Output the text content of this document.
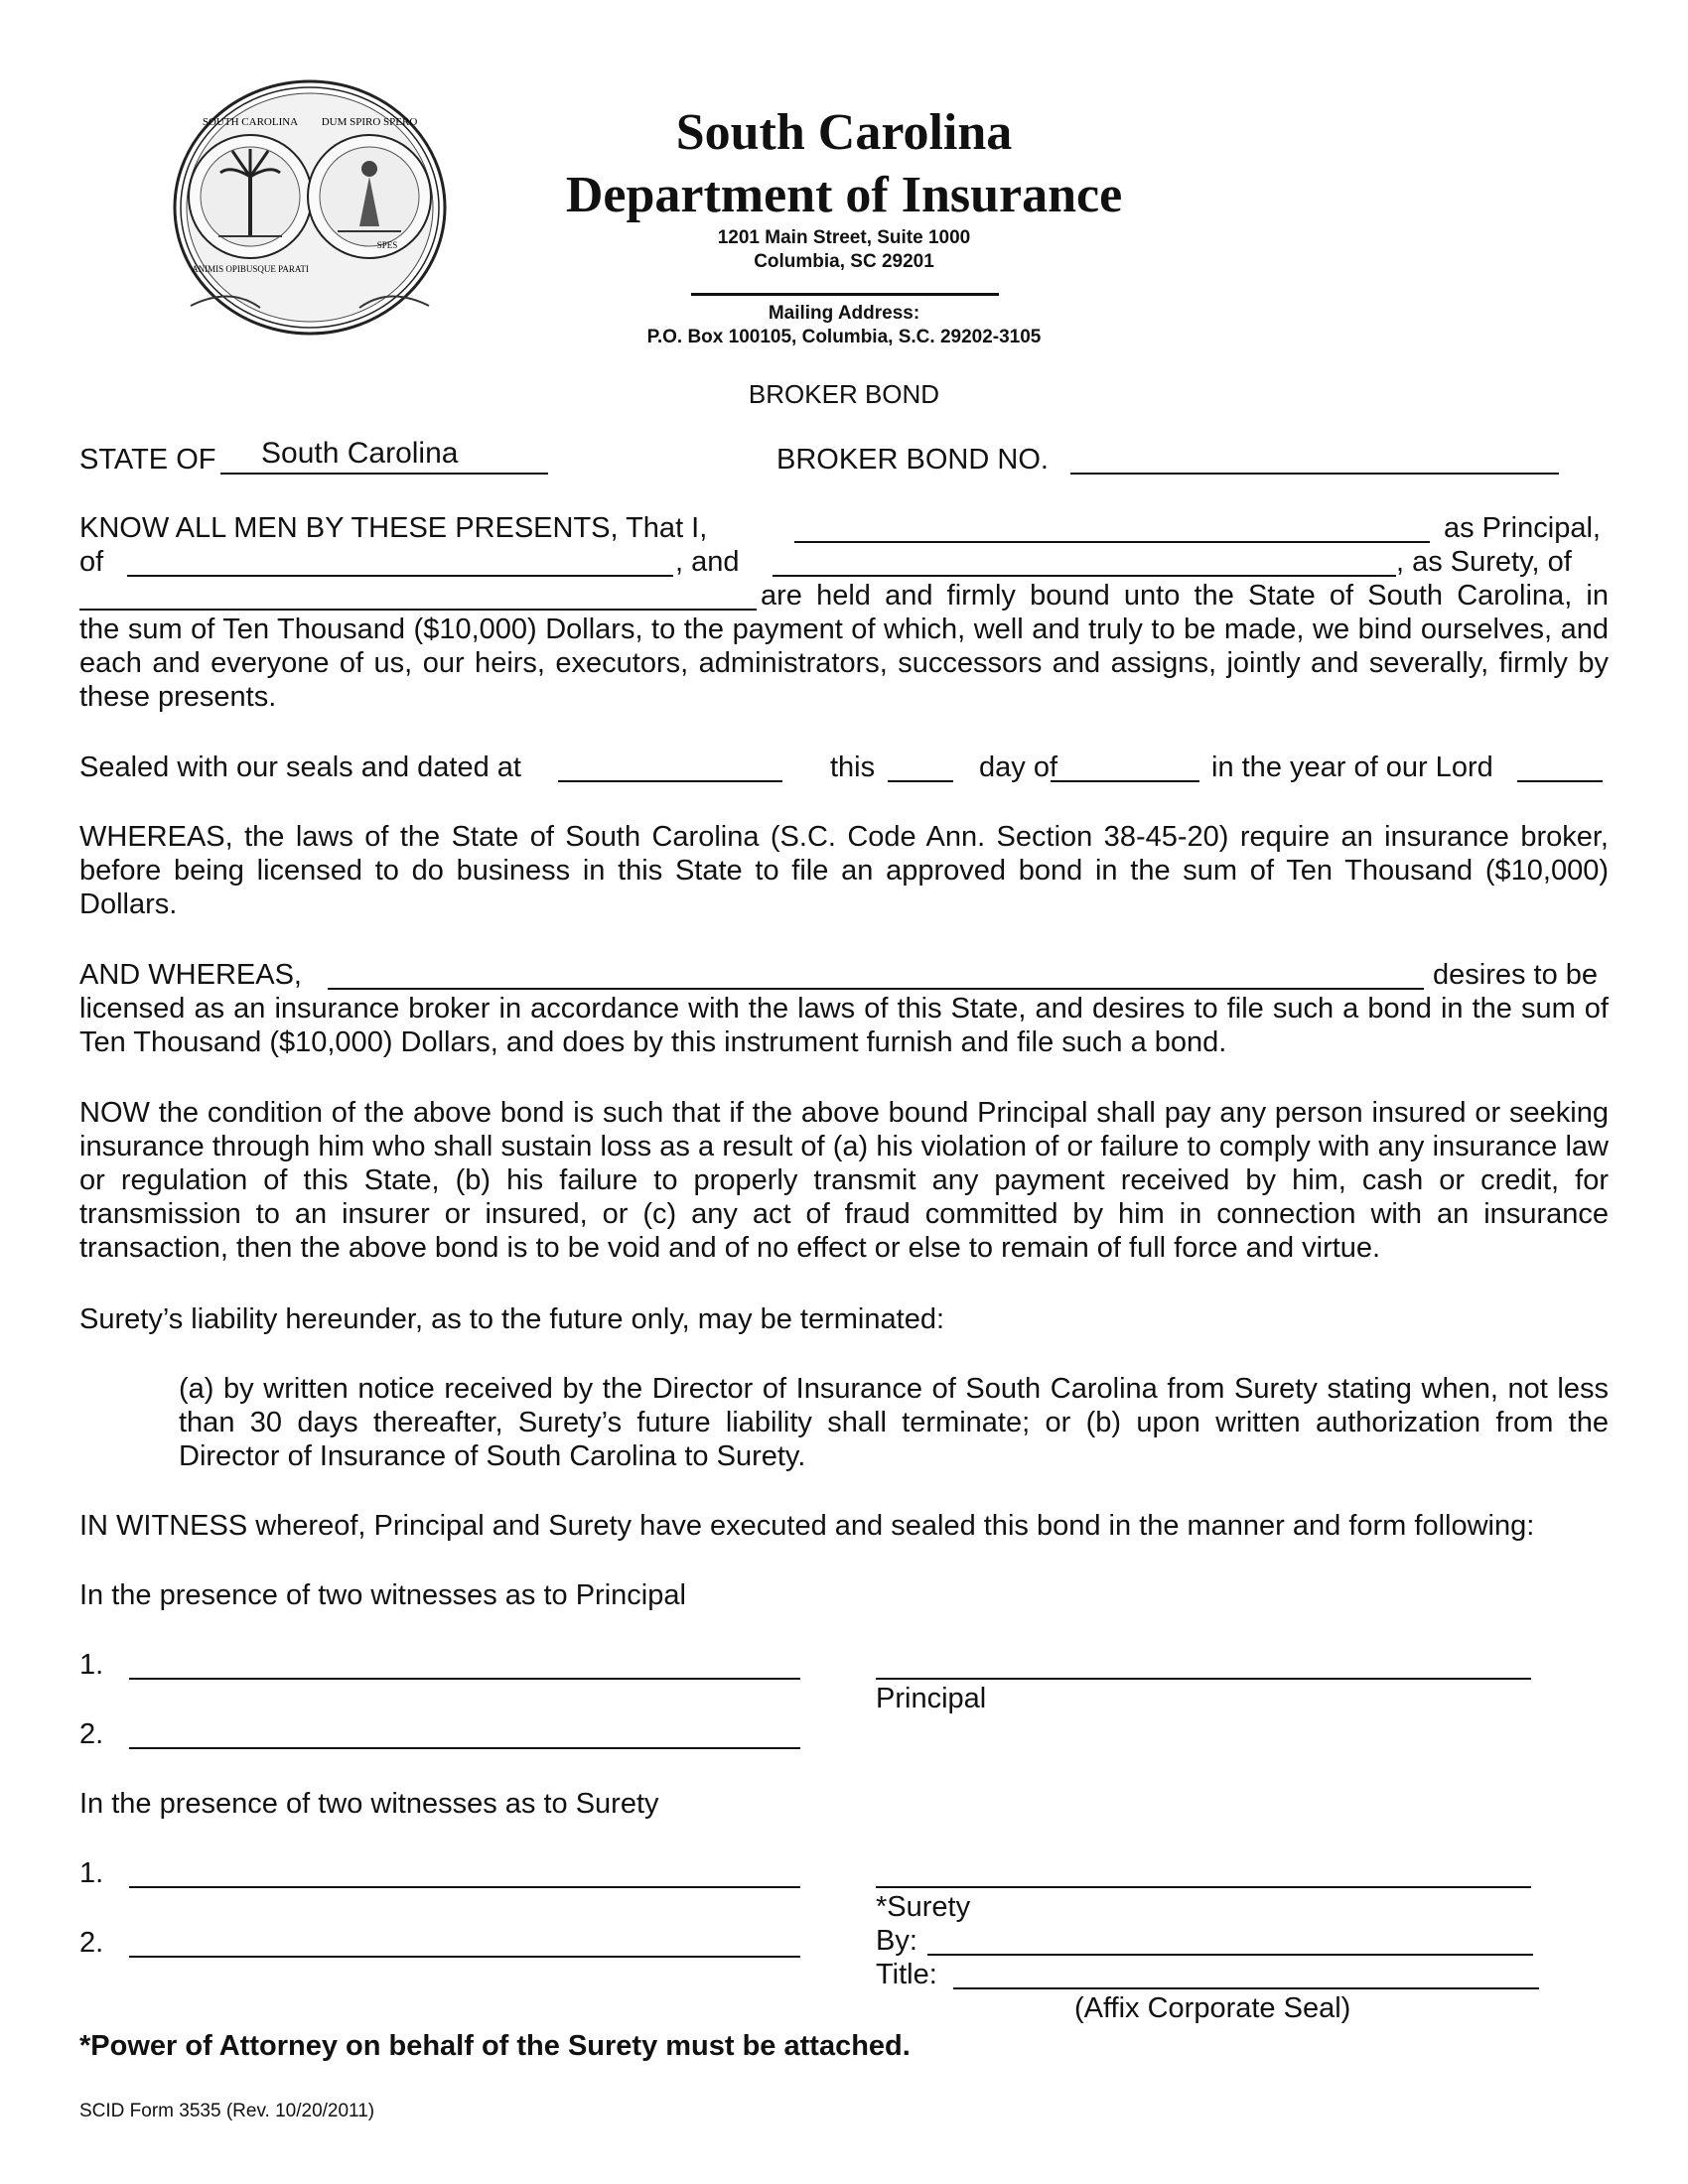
SOUTH CAROLINA DUM SPIRO SPERO
ANIMIS OPIBUSQUE PARATI
SPES
South Carolina
Department of Insurance
1201 Main Street, Suite 1000
Columbia, SC 29201
Mailing Address:
P.O. Box 100105, Columbia, S.C. 29202-3105
BROKER BOND
STATE OF South Carolina	BROKER BOND NO.
KNOW ALL MEN BY THESE PRESENTS, That I,	as Principal,
of	, and	, as Surety, of
are held and firmly bound unto the State of South Carolina, in
the sum of Ten Thousand ($10,000) Dollars, to the payment of which, well and truly to be made, we bind ourselves, and each and everyone of us, our heirs, executors, administrators, successors and assigns, jointly and severally, firmly by these presents.
Sealed with our seals and dated at	this	day of	in the year of our Lord
WHEREAS, the laws of the State of South Carolina (S.C. Code Ann. Section 38-45-20) require an insurance broker, before being licensed to do business in this State to file an approved bond in the sum of Ten Thousand ($10,000) Dollars.
AND WHEREAS,	desires to be
licensed as an insurance broker in accordance with the laws of this State, and desires to file such a bond in the sum of Ten Thousand ($10,000) Dollars, and does by this instrument furnish and file such a bond.
NOW the condition of the above bond is such that if the above bound Principal shall pay any person insured or seeking insurance through him who shall sustain loss as a result of (a) his violation of or failure to comply with any insurance law or regulation of this State, (b) his failure to properly transmit any payment received by him, cash or credit, for transmission to an insurer or insured, or (c) any act of fraud committed by him in connection with an insurance transaction, then the above bond is to be void and of no effect or else to remain of full force and virtue.
Surety’s liability hereunder, as to the future only, may be terminated:
(a) by written notice received by the Director of Insurance of South Carolina from Surety stating when, not less than 30 days thereafter, Surety’s future liability shall terminate; or (b) upon written authorization from the Director of Insurance of South Carolina to Surety.
IN WITNESS whereof, Principal and Surety have executed and sealed this bond in the manner and form following:
In the presence of two witnesses as to Principal
1.
Principal
2.
In the presence of two witnesses as to Surety
1.
*Surety
2.	By:
Title:
(Affix Corporate Seal)
*Power of Attorney on behalf of the Surety must be attached.
SCID Form 3535 (Rev. 10/20/2011)
